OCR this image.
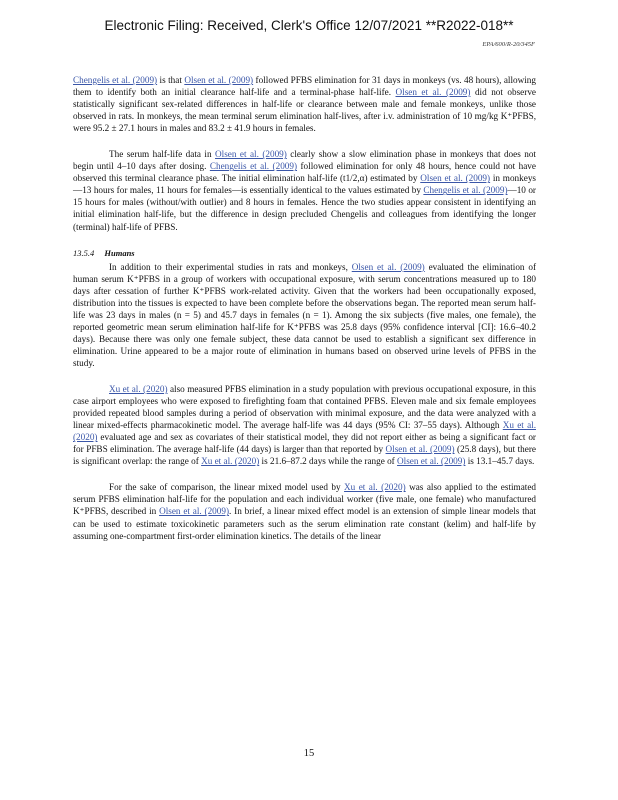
Electronic Filing: Received, Clerk's Office 12/07/2021 **R2022-018**
EPA/600/R-20/345F

Chengelis et al. (2009) is that Olsen et al. (2009) followed PFBS elimination for 31 days in monkeys (vs. 48 hours), allowing them to identify both an initial clearance half-life and a terminal-phase half-life. Olsen et al. (2009) did not observe statistically significant sex-related differences in half-life or clearance between male and female monkeys, unlike those observed in rats. In monkeys, the mean terminal serum elimination half-lives, after i.v. administration of 10 mg/kg K⁺PFBS, were 95.2 ± 27.1 hours in males and 83.2 ± 41.9 hours in females.

The serum half-life data in Olsen et al. (2009) clearly show a slow elimination phase in monkeys that does not begin until 4–10 days after dosing. Chengelis et al. (2009) followed elimination for only 48 hours, hence could not have observed this terminal clearance phase. The initial elimination half-life (t1/2,α) estimated by Olsen et al. (2009) in monkeys—13 hours for males, 11 hours for females—is essentially identical to the values estimated by Chengelis et al. (2009)—10 or 15 hours for males (without/with outlier) and 8 hours in females. Hence the two studies appear consistent in identifying an initial elimination half-life, but the difference in design precluded Chengelis and colleagues from identifying the longer (terminal) half-life of PFBS.

13.5.4 Humans

In addition to their experimental studies in rats and monkeys, Olsen et al. (2009) evaluated the elimination of human serum K⁺PFBS in a group of workers with occupational exposure, with serum concentrations measured up to 180 days after cessation of further K⁺PFBS work-related activity. Given that the workers had been occupationally exposed, distribution into the tissues is expected to have been complete before the observations began. The reported mean serum half-life was 23 days in males (n = 5) and 45.7 days in females (n = 1). Among the six subjects (five males, one female), the reported geometric mean serum elimination half-life for K⁺PFBS was 25.8 days (95% confidence interval [CI]: 16.6–40.2 days). Because there was only one female subject, these data cannot be used to establish a significant sex difference in elimination. Urine appeared to be a major route of elimination in humans based on observed urine levels of PFBS in the study.

Xu et al. (2020) also measured PFBS elimination in a study population with previous occupational exposure, in this case airport employees who were exposed to firefighting foam that contained PFBS. Eleven male and six female employees provided repeated blood samples during a period of observation with minimal exposure, and the data were analyzed with a linear mixed-effects pharmacokinetic model. The average half-life was 44 days (95% CI: 37–55 days). Although Xu et al. (2020) evaluated age and sex as covariates of their statistical model, they did not report either as being a significant fact or for PFBS elimination. The average half-life (44 days) is larger than that reported by Olsen et al. (2009) (25.8 days), but there is significant overlap: the range of Xu et al. (2020) is 21.6–87.2 days while the range of Olsen et al. (2009) is 13.1–45.7 days.

For the sake of comparison, the linear mixed model used by Xu et al. (2020) was also applied to the estimated serum PFBS elimination half-life for the population and each individual worker (five male, one female) who manufactured K⁺PFBS, described in Olsen et al. (2009). In brief, a linear mixed effect model is an extension of simple linear models that can be used to estimate toxicokinetic parameters such as the serum elimination rate constant (kelim) and half-life by assuming one-compartment first-order elimination kinetics. The details of the linear

15
